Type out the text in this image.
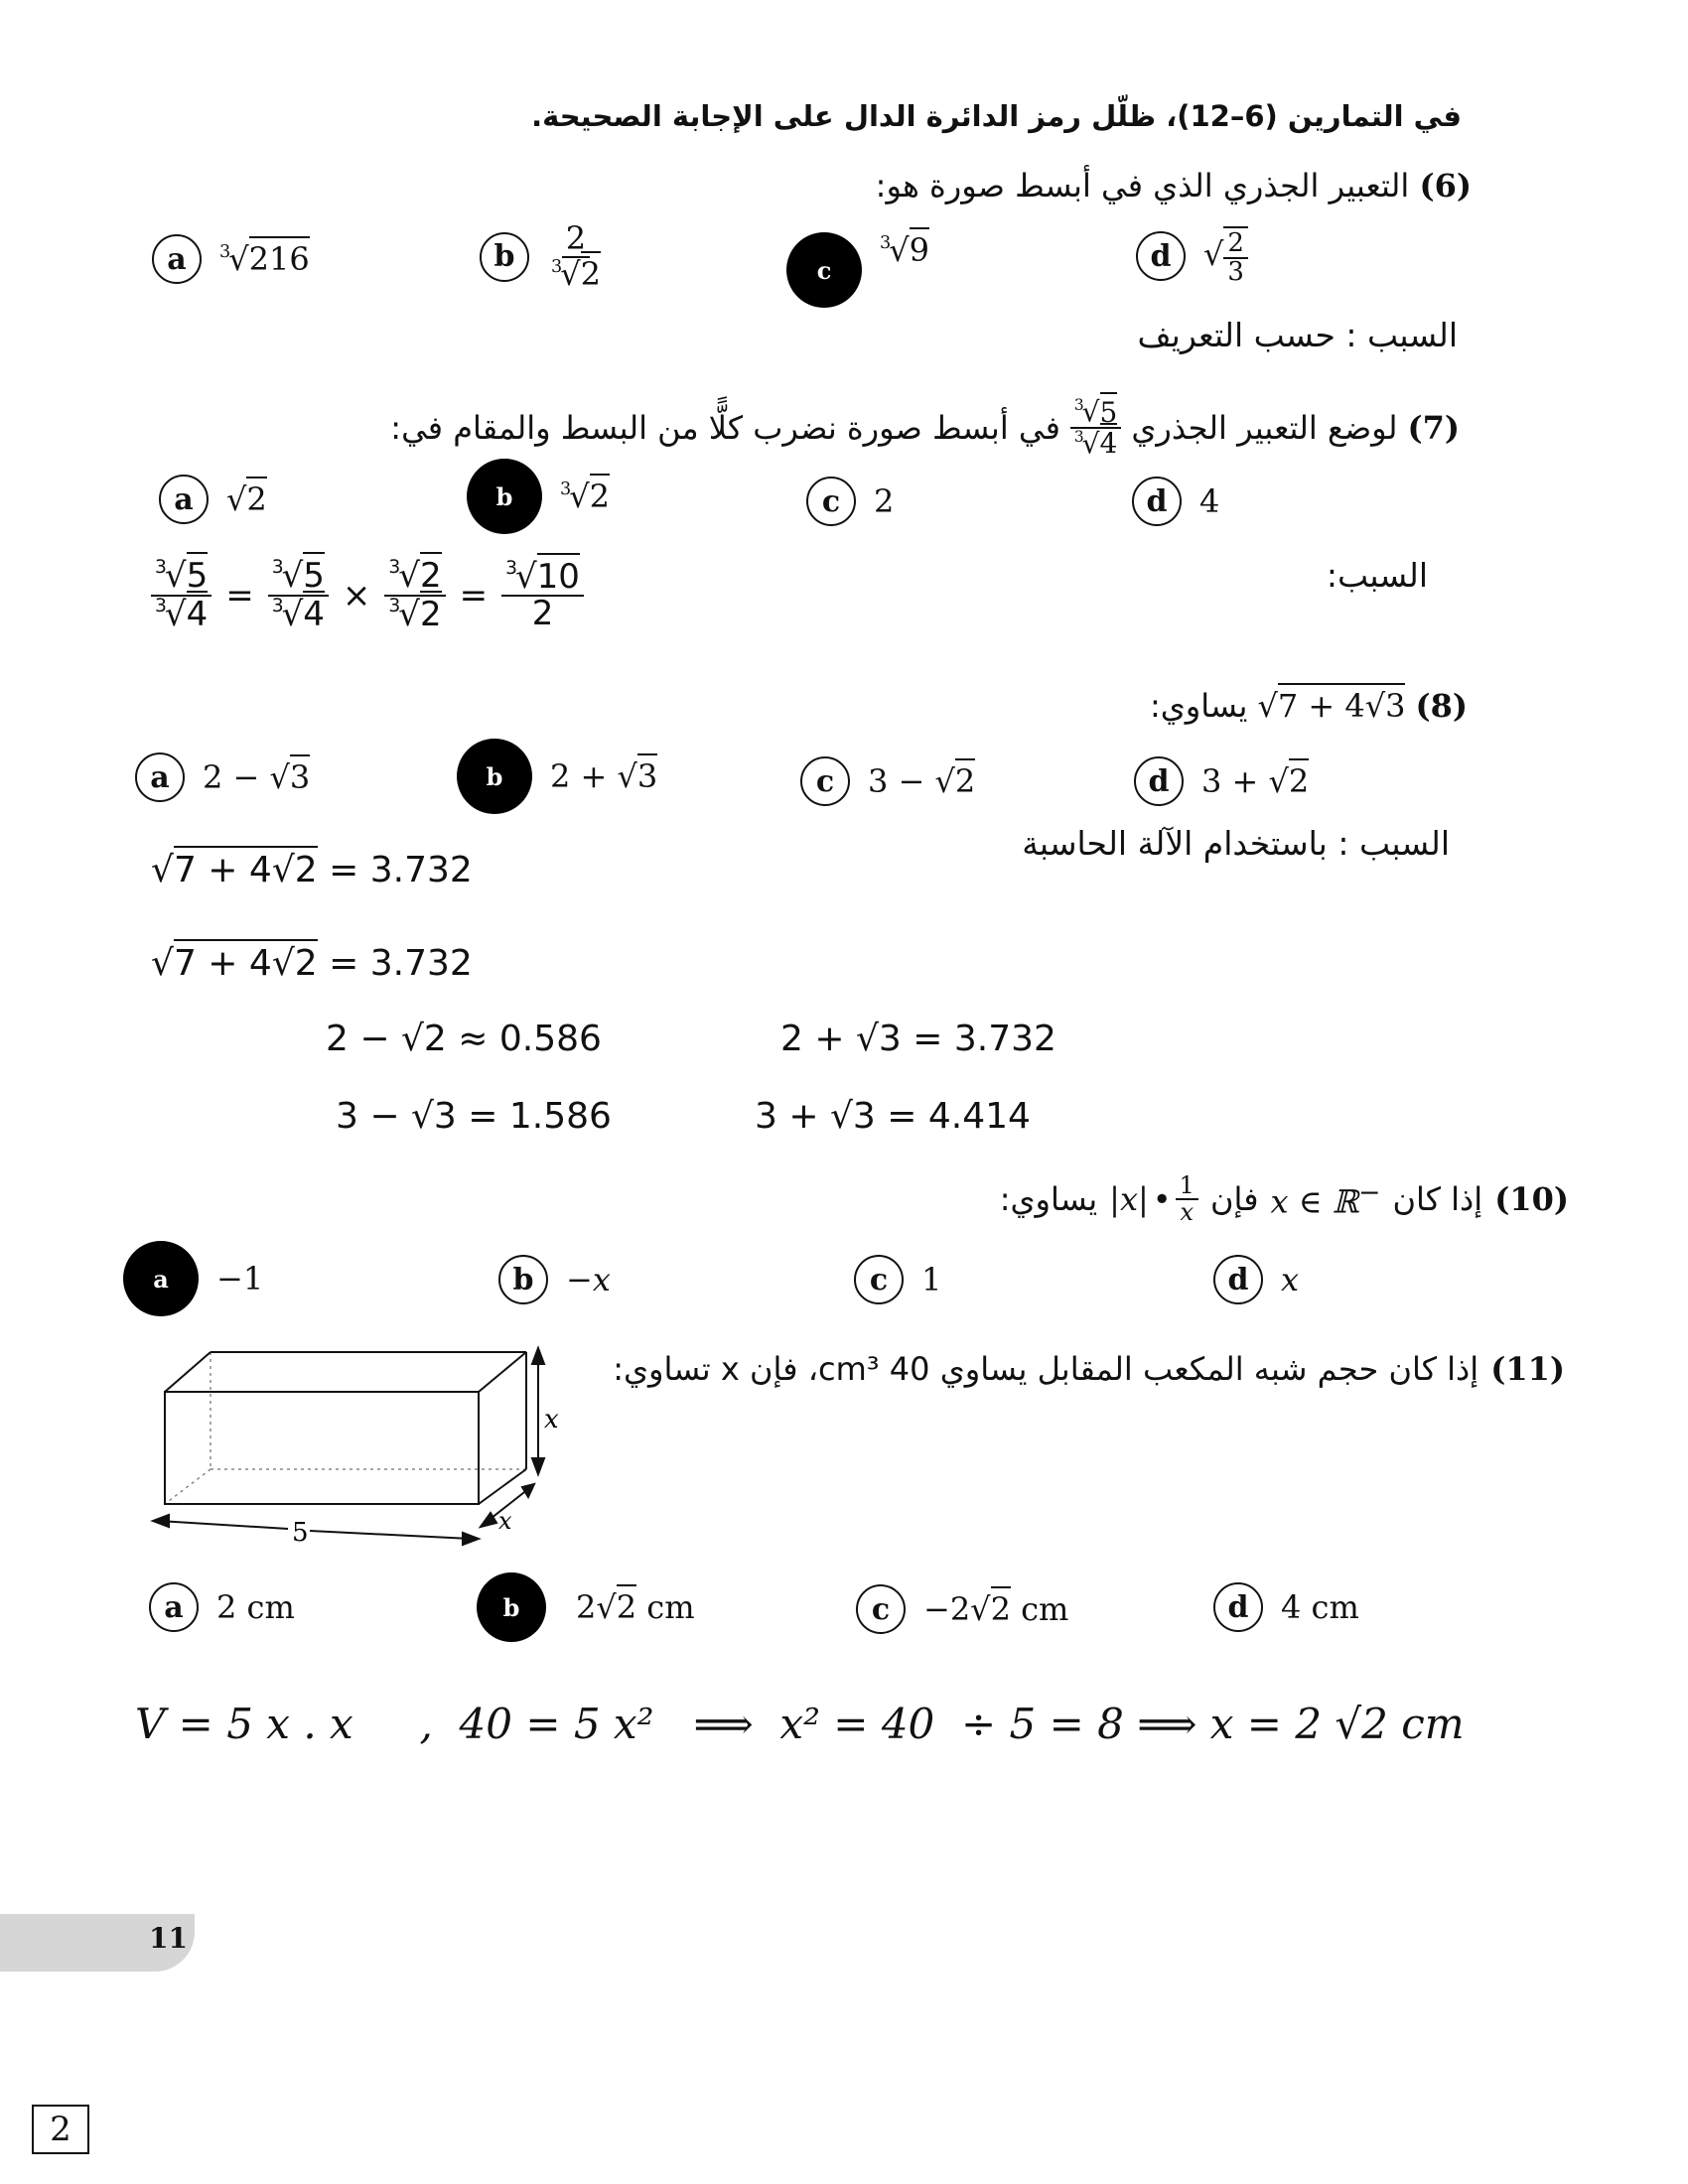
في التمارين (6–12)، ظلّل رمز الدائرة الدال على الإجابة الصحيحة.
(6) التعبير الجذري الذي في أبسط صورة هو:
a	$^3$√216	b	$\frac{2}{^3√2}$	c
$^3$√9	d	√ $\frac{2}{3}$
السبب : حسب التعريف
(7)
لوضع التعبير الجذري
$\frac{^3√5}{^3√4}$
في أبسط صورة نضرب كلًّا من البسط والمقام في:
a	√2	b	$^3$√2	c	2	d	4
السبب:
$\frac{^3√5}{^3√4} = \frac{^3√5}{^3√4} \times \frac{^3√2}{^3√2} = \frac{^3√10}{2}$
(8)
√7 + 4√3
يساوي:
a	2 − √3	b	2 + √3	c	3 − √2	d	3 + √2
السبب : باستخدام الآلة الحاسبة
√7 + 4√2 = 3.732
√7 + 4√2 = 3.732
2 − √2 ≈ 0.586	2 + √3 = 3.732
3 − √3 = 1.586	3 + √3 = 4.414
(10)
إذا كان
x ∈ ℝ−
فإن
|x| • $\frac{1}{x}$
يساوي:
a	−1	b	−x	c	1	d	x
(11)
إذا كان حجم شبه المكعب المقابل يساوي 40 cm³، فإن x تساوي:
5
x
x
a	2 cm	b	2√2 cm	c	−2√2 cm	d	4 cm
V = 5 x . x     ,  40 = 5 x²   ⟹  x² = 40  ÷ 5 = 8 ⟹ x = 2 √2 cm
11
2
